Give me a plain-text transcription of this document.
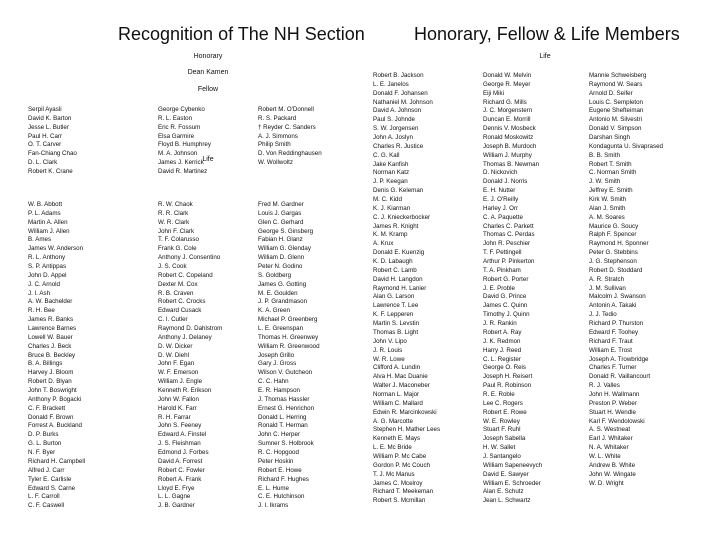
Recognition of The NH Section	Honorary, Fellow & Life Members
Honorary
Dean Kamen
Fellow
Life
Life
Serpil Ayasli
David K. Barton
Jesse L. Butler
Paul H. Carr
O. T. Carver
Fan-Chiang Chao
D. L. Clark
Robert K. Crane
George Cybenko
R. L. Easton
Eric R. Fossum
Elsa Garmire
Floyd B. Humphrey
M. A. Johnson
James J. Kerrick
David R. Martinez
Robert M. O'Donnell
R. S. Packard
† Reyder C. Sanders
A. J. Simmons
Philip Smith
D. Von Reddinghausen
W. Wollwoltz
W. B. Abbott
P. L. Adams
Martin A. Allen
William J. Allen
B. Ames
James W. Anderson
R. L. Anthony
S. P. Antippas
John D. Appel
J. C. Arnold
J. I. Ash
A. W. Bachelder
R. H. Bee
James R. Banks
Lawrence Barnes
Lowell W. Bauer
Charles J. Beck
Bruce B. Beckley
B. A. Billings
Harvey J. Bloom
Robert D. Blyan
John T. Boswright
Anthony P. Bogacki
C. F. Brackett
Donald F. Brown
Forrest A. Buckland
D. P. Burks
G. L. Burton
N. F. Byer
Richard H. Campbell
Alfred J. Carr
Tyler E. Carlisle
Edward S. Carne
L. F. Carroll
C. F. Caswell
R. W. Chaok
R. R. Clark
W. R. Clark
John F. Clark
T. F. Colarusso
Frank G. Cole
Anthony J. Consentino
J. S. Cook
Robert C. Copeland
Dexter M. Cox
R. B. Craven
Robert C. Crocks
Edward Cusack
C. I. Cutler
Raymond D. Dahlstrom
Anthony J. Delaney
D. W. Dicker
D. W. Diehl
John F. Egan
W. F. Emerson
William J. Engle
Kenneth R. Erikson
John W. Fallon
Harold K. Farr
R. H. Farrar
John S. Feeney
Edward A. Finstel
J. S. Fleishman
Edmond J. Forbes
David A. Forrest
Robert C. Fowler
Robert A. Frank
Lloyd E. Frye
L. L. Gagne
J. B. Gardner
Fred M. Gardner
Louis J. Gargas
Glen C. Gerhard
George S. Ginsberg
Fabian H. Glanz
William G. Glenday
William D. Glenn
Peter N. Godino
S. Goldberg
James G. Gotting
M. E. Goulden
J. P. Grandmason
K. A. Green
Michael P. Greenberg
L. E. Greenspan
Thomas H. Greenwey
William R. Greenwood
Joseph Grillo
Gary J. Gross
Wilson V. Gutcheon
C. C. Hahn
E. R. Hampson
J. Thomas Hassler
Ernest G. Henrichon
Donald L. Herring
Ronald T. Herman
John C. Herper
Sumner S. Holbrook
R. C. Hopgood
Peter Hoskin
Robert E. Howe
Richard F. Hughes
E. L. Hume
C. E. Hutchinson
J. I. Ikrams
Robert B. Jackson
L. E. Janelos
Donald F. Johansen
Nathaniel M. Johnson
David A. Johnson
Paul S. Johnde
S. W. Jorgensen
John A. Joslyn
Charles R. Justice
C. G. Kall
Jake Kanfish
Norman Katz
J. P. Keegan
Denis G. Keleman
M. C. Kidd
K. J. Kiarman
C. J. Knieckerbocker
James R. Knight
K. M. Kramp
A. Krux
Donald E. Kuenzig
K. D. Labaugh
Robert C. Lamb
David H. Langdon
Raymond H. Lanier
Alan G. Larson
Lawrence T. Lee
K. F. Lepperen
Martin S. Levstin
Thomas B. Light
John V. Lipo
J. R. Louis
W. R. Lowe
Clifford A. Lundin
Alva H. Mac Duanie
Walter J. Maconeber
Norman L. Major
William C. Mallard
Edwin R. Marcinkowski
A. G. Marcotte
Stephen H. Mather Lees
Kenneth E. Mays
L. E. Mc Bride
William P. Mc Cabe
Gordon P. Mc Couch
T. J. Mc Manus
James C. Mcelroy
Richard T. Meekeman
Robert S. Mcmillan
Donald W. Melvin
George R. Meyer
Eiji Miki
Richard G. Mills
J. C. Morgenstern
Duncan E. Morrill
Dennis V. Mosbeck
Ronald Moskowitz
Joseph B. Murdoch
William J. Murphy
Thomas B. Newman
D. Nickovich
Donald J. Norris
E. H. Nutter
E. J. O'Reilly
Harley J. Orr
C. A. Paquette
Charles C. Parkett
Thomas C. Perdas
John R. Peschier
T. F. Pettingell
Arthur P. Pinkerton
T. A. Pinkham
Robert G. Porter
J. E. Proble
David G. Prince
James C. Quinn
Timothy J. Quinn
J. R. Rankin
Robert A. Ray
J. K. Redmon
Harry J. Reed
C. L. Register
George O. Reis
Joseph H. Reisert
Paul R. Robinson
R. E. Roble
Lee C. Rogers
Robert E. Rowe
W. E. Rowley
Stuart F. Ruhl
Joseph Sabella
H. W. Sallet
J. Santangelo
William Sapeneevych
David E. Sawyer
William E. Schroeder
Alan E. Schutz
Jean L. Schwartz
Mannie Schweisberg
Raymond W. Sears
Arnold D. Seifer
Louis C. Sempleton
Eugene Shefteiman
Antonio M. Silvestri
Donald V. Simpson
Darshan Singh
Kondagunta U. Sivaprased
B. B. Smith
Robert T. Smith
C. Norman Smith
J. W. Smith
Jeffrey E. Smith
Kirk W. Smith
Alan J. Smith
A. M. Soares
Maurice G. Soucy
Ralph F. Spencer
Raymond H. Sponner
Peter G. Stebbins
J. G. Stephenson
Robert D. Stoddard
A. R. Stratch
J. M. Sullivan
Malcolm J. Swanson
Antonin A. Takaki
J. J. Tedio
Richard P. Thurston
Edward F. Toohey
Richard F. Traut
William E. Trost
Joseph A. Trowbridge
Charles F. Turner
Donald R. Vaillancourt
R. J. Valles
John H. Wallmann
Preston P. Weber
Stuart H. Wendle
Karl F. Wendolowski
A. S. Westneat
Earl J. Whitaker
N. A. Whitaker
W. L. White
Andrew B. White
John W. Wingate
W. D. Wright
